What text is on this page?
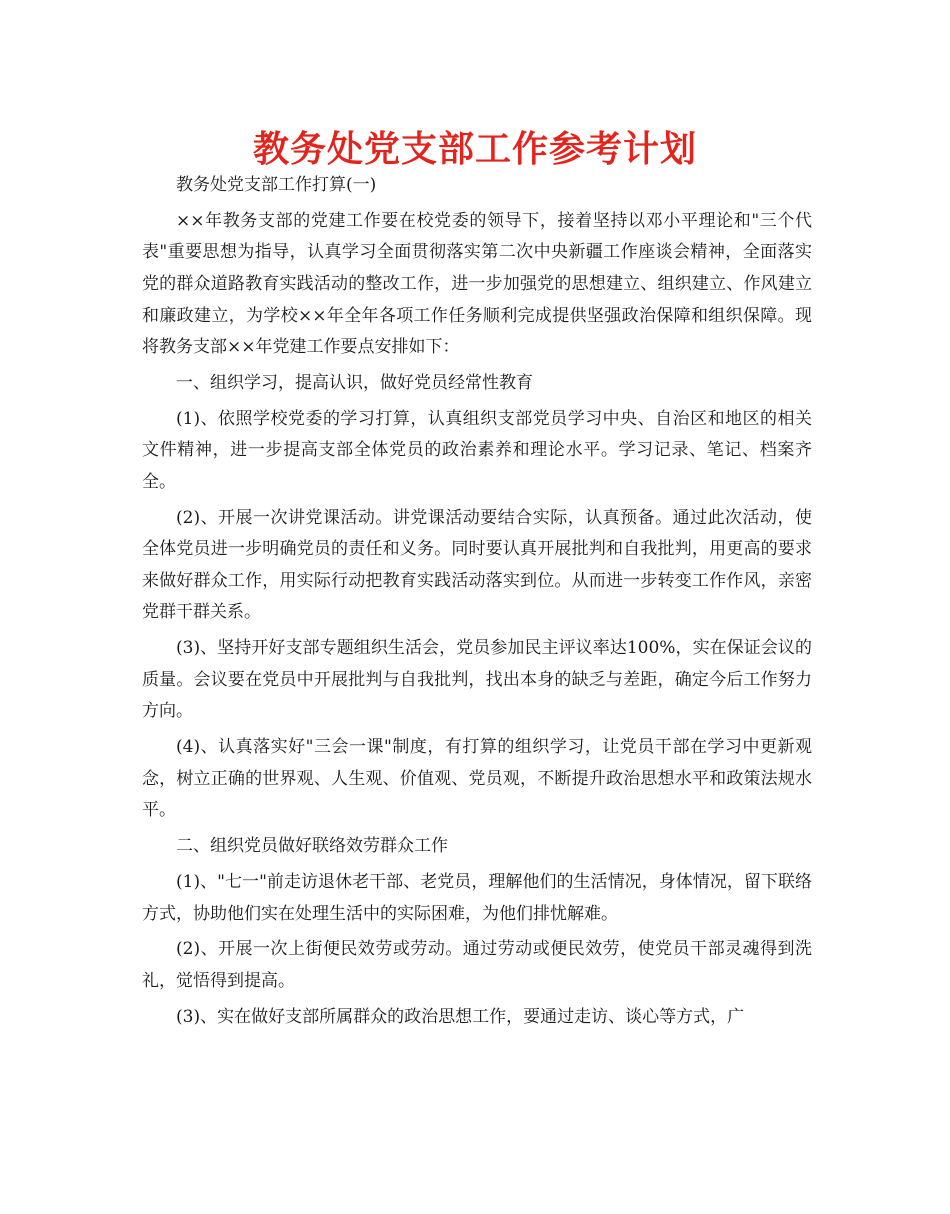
教务处党支部工作参考计划

教务处党支部工作打算(一)

××年教务支部的党建工作要在校党委的领导下，接着坚持以邓小平理论和"三个代表"重要思想为指导，认真学习全面贯彻落实第二次中央新疆工作座谈会精神，全面落实党的群众道路教育实践活动的整改工作，进一步加强党的思想建立、组织建立、作风建立和廉政建立，为学校××年全年各项工作任务顺利完成提供坚强政治保障和组织保障。现将教务支部××年党建工作要点安排如下：

一、组织学习，提高认识，做好党员经常性教育

(1)、依照学校党委的学习打算，认真组织支部党员学习中央、自治区和地区的相关文件精神，进一步提高支部全体党员的政治素养和理论水平。学习记录、笔记、档案齐全。

(2)、开展一次讲党课活动。讲党课活动要结合实际，认真预备。通过此次活动，使全体党员进一步明确党员的责任和义务。同时要认真开展批判和自我批判，用更高的要求来做好群众工作，用实际行动把教育实践活动落实到位。从而进一步转变工作作风，亲密党群干群关系。

(3)、坚持开好支部专题组织生活会，党员参加民主评议率达100%，实在保证会议的质量。会议要在党员中开展批判与自我批判，找出本身的缺乏与差距，确定今后工作努力方向。

(4)、认真落实好"三会一课"制度，有打算的组织学习，让党员干部在学习中更新观念，树立正确的世界观、人生观、价值观、党员观，不断提升政治思想水平和政策法规水平。

二、组织党员做好联络效劳群众工作

(1)、"七一"前走访退休老干部、老党员，理解他们的生活情况，身体情况，留下联络方式，协助他们实在处理生活中的实际困难，为他们排忧解难。

(2)、开展一次上街便民效劳或劳动。通过劳动或便民效劳，使党员干部灵魂得到洗礼，觉悟得到提高。

(3)、实在做好支部所属群众的政治思想工作，要通过走访、谈心等方式，广
